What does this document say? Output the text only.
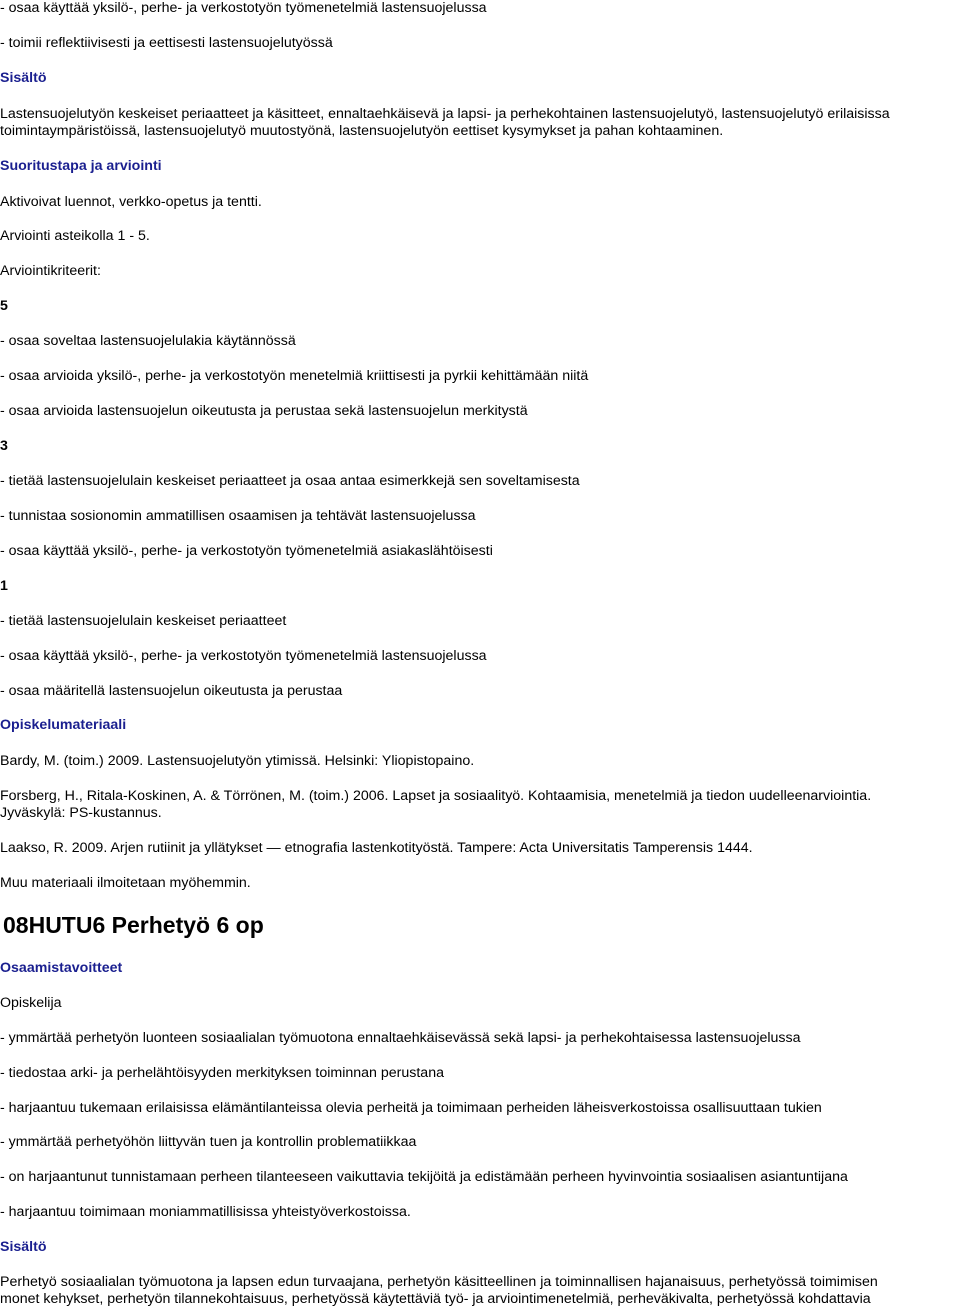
- osaa käyttää yksilö-, perhe- ja verkostotyön työmenetelmiä lastensuojelussa

- toimii reflektiivisesti ja eettisesti lastensuojelutyössä

Sisältö

Lastensuojelutyön keskeiset periaatteet ja käsitteet, ennaltaehkäisevä ja lapsi- ja perhekohtainen lastensuojelutyö, lastensuojelutyö erilaisissa
toimintaympäristöissä, lastensuojelutyö muutostyönä, lastensuojelutyön eettiset kysymykset ja pahan kohtaaminen.

Suoritustapa ja arviointi

Aktivoivat luennot, verkko-opetus ja tentti.

Arviointi asteikolla 1 - 5.

Arviointikriteerit:

5

- osaa soveltaa lastensuojelulakia käytännössä

- osaa arvioida yksilö-, perhe- ja verkostotyön menetelmiä kriittisesti ja pyrkii kehittämään niitä

- osaa arvioida lastensuojelun oikeutusta ja perustaa sekä lastensuojelun merkitystä

3

- tietää lastensuojelulain keskeiset periaatteet ja osaa antaa esimerkkejä sen soveltamisesta

- tunnistaa sosionomin ammatillisen osaamisen ja tehtävät lastensuojelussa

- osaa käyttää yksilö-, perhe- ja verkostotyön työmenetelmiä asiakaslähtöisesti

1

- tietää lastensuojelulain keskeiset periaatteet

- osaa käyttää yksilö-, perhe- ja verkostotyön työmenetelmiä lastensuojelussa

- osaa määritellä lastensuojelun oikeutusta ja perustaa

Opiskelumateriaali

Bardy, M. (toim.) 2009. Lastensuojelutyön ytimissä. Helsinki: Yliopistopaino.

Forsberg, H., Ritala-Koskinen, A. & Törrönen, M. (toim.) 2006. Lapset ja sosiaalityö. Kohtaamisia, menetelmiä ja tiedon uudelleenarviointia.
Jyväskylä: PS-kustannus.

Laakso, R. 2009. Arjen rutiinit ja yllätykset — etnografia lastenkotityöstä. Tampere: Acta Universitatis Tamperensis 1444.

Muu materiaali ilmoitetaan myöhemmin.

08HUTU6 Perhetyö 6 op

Osaamistavoitteet

Opiskelija

- ymmärtää perhetyön luonteen sosiaalialan työmuotona ennaltaehkäisevässä sekä lapsi- ja perhekohtaisessa lastensuojelussa

- tiedostaa arki- ja perhelähtöisyyden merkityksen toiminnan perustana

- harjaantuu tukemaan erilaisissa elämäntilanteissa olevia perheitä ja toimimaan perheiden läheisverkostoissa osallisuuttaan tukien

- ymmärtää perhetyöhön liittyvän tuen ja kontrollin problematiikkaa

- on harjaantunut tunnistamaan perheen tilanteeseen vaikuttavia tekijöitä ja edistämään perheen hyvinvointia sosiaalisen asiantuntijana

- harjaantuu toimimaan moniammatillisissa yhteistyöverkostoissa.

Sisältö

Perhetyö sosiaalialan työmuotona ja lapsen edun turvaajana, perhetyön käsitteellinen ja toiminnallisen hajanaisuus, perhetyössä toimimisen
monet kehykset, perhetyön tilannekohtaisuus, perhetyössä käytettäviä työ- ja arviointimenetelmiä, perheväkivalta, perhetyössä kohdattavia
